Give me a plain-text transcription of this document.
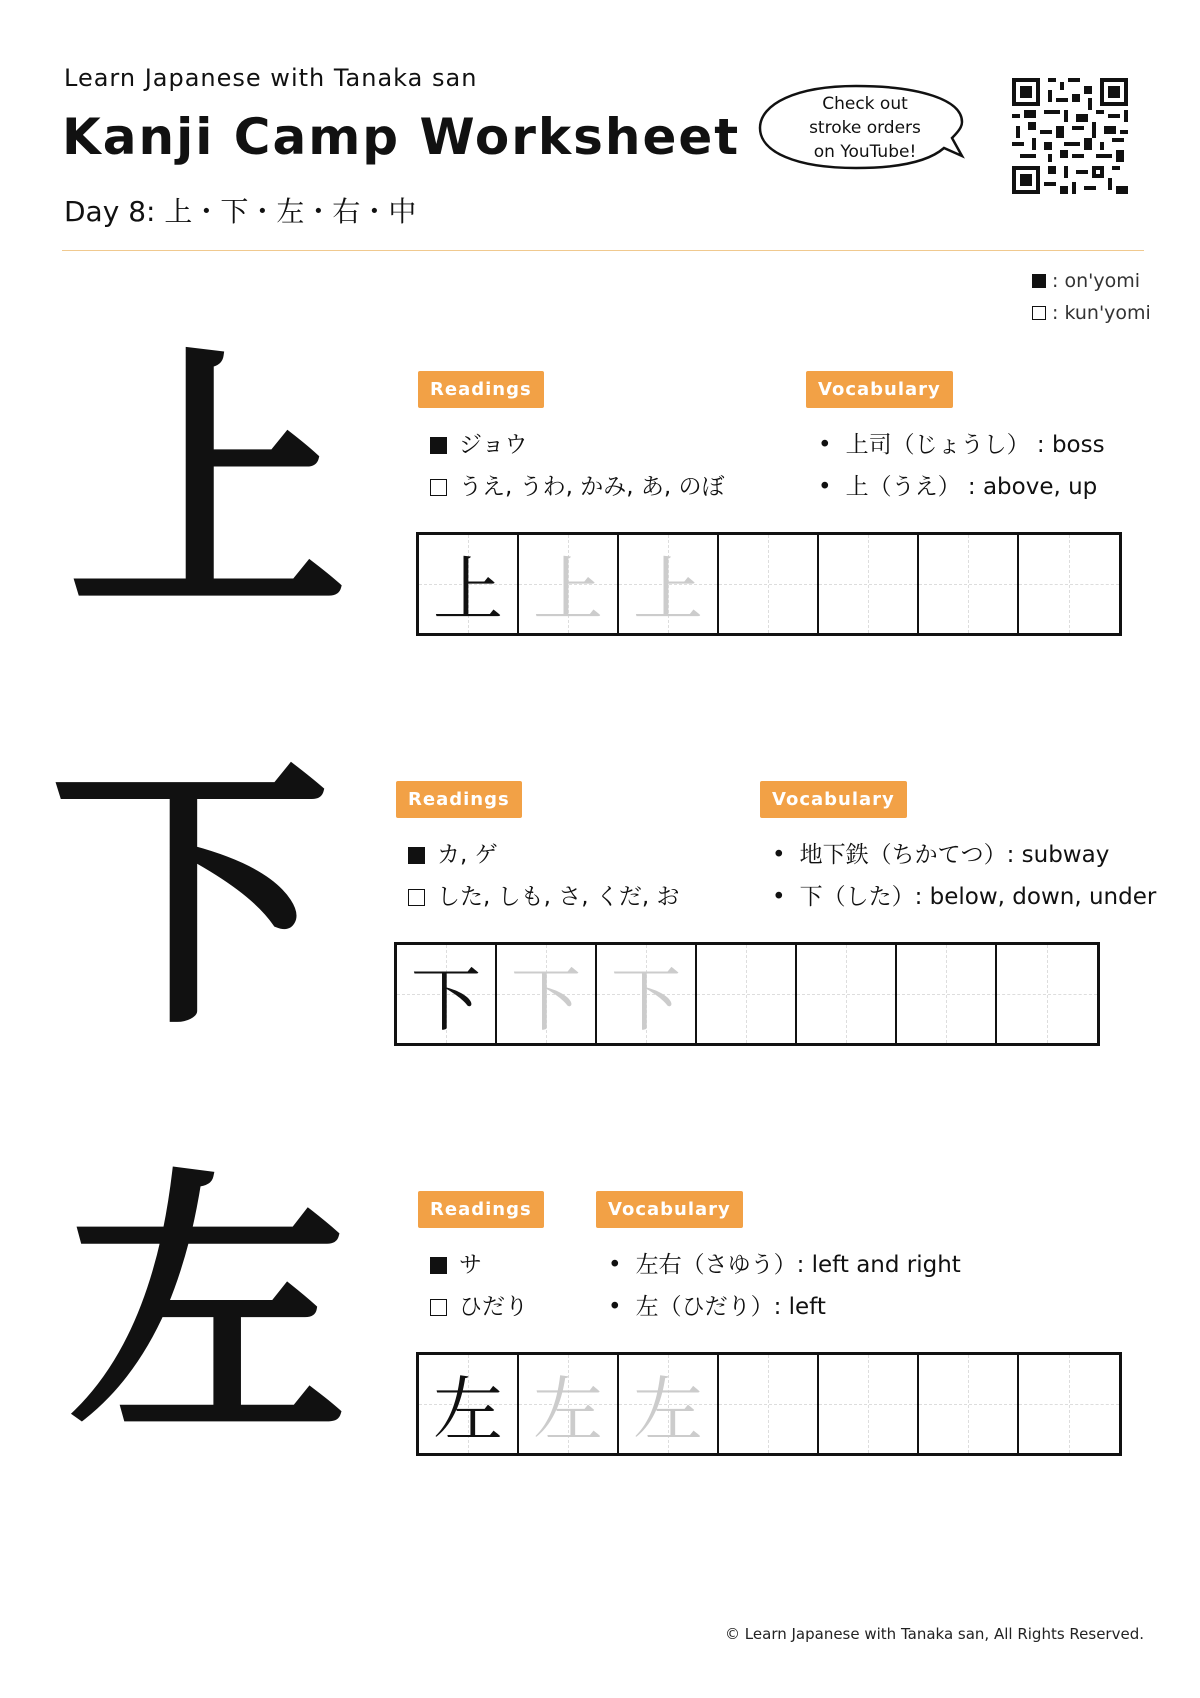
Learn Japanese with Tanaka san
Kanji Camp Worksheet
Day 8: 上・下・左・右・中
Check out
stroke orders
on YouTube!
: on'yomi
: kun'yomi
上	Readings	Vocabulary
ジョウ
うえ, うわ, かみ, あ, のぼ
• 上司（じょうし） : boss
• 上（うえ） : above, up
上 上 上
下	Readings	Vocabulary
カ, ゲ
した, しも, さ, くだ, お
• 地下鉄（ちかてつ）: subway
• 下（した）: below, down, under
下 下 下
左	Readings	Vocabulary
サ
ひだり
• 左右（さゆう）: left and right
• 左（ひだり）: left
左 左 左
© Learn Japanese with Tanaka san, All Rights Reserved.
